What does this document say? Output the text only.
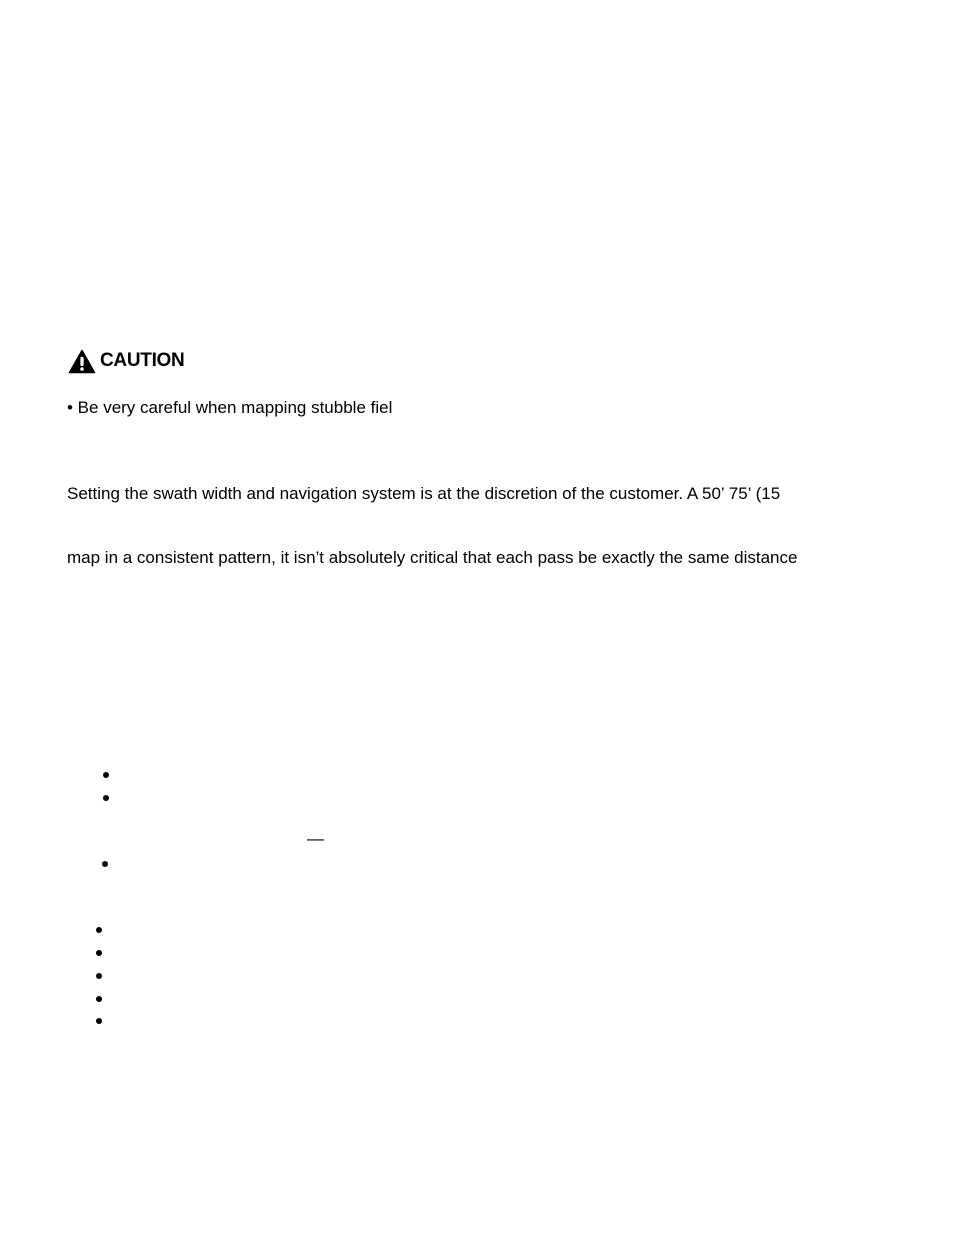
CAUTION
• Be very careful when mapping stubble fiel
Setting the swath width and navigation system is at the discretion of the customer. A 50’ 75’ (15
map in a consistent pattern, it isn’t absolutely critical that each pass be exactly the same distance
—
